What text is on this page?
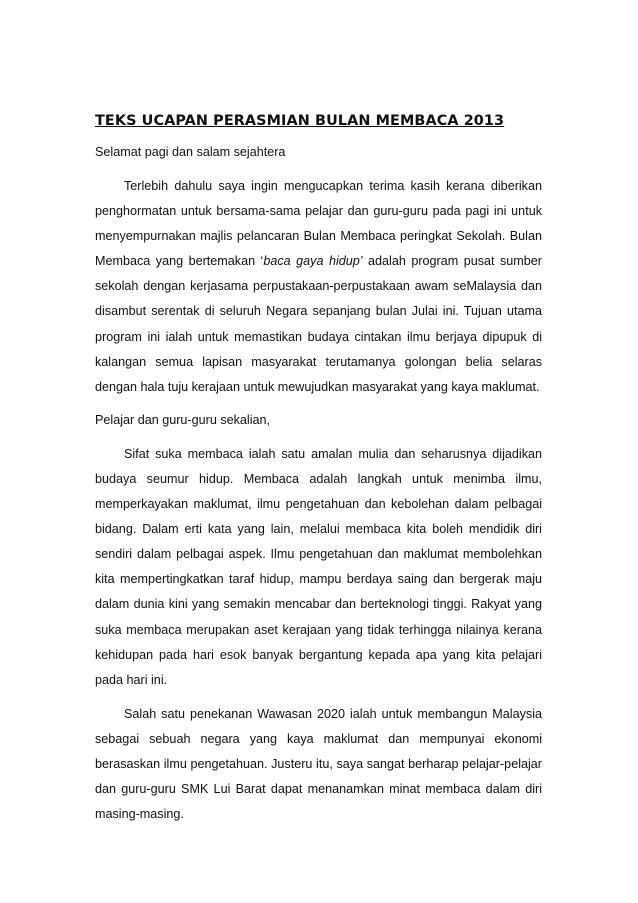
TEKS UCAPAN PERASMIAN BULAN MEMBACA 2013
Selamat pagi dan salam sejahtera

Terlebih dahulu saya ingin mengucapkan terima kasih kerana diberikan penghormatan untuk bersama-sama pelajar dan guru-guru pada pagi ini untuk menyempurnakan majlis pelancaran Bulan Membaca peringkat Sekolah. Bulan Membaca yang bertemakan ‘baca gaya hidup’ adalah program pusat sumber sekolah dengan kerjasama perpustakaan-perpustakaan awam seMalaysia dan disambut serentak di seluruh Negara sepanjang bulan Julai ini. Tujuan utama program ini ialah untuk memastikan budaya cintakan ilmu berjaya dipupuk di kalangan semua lapisan masyarakat terutamanya golongan belia selaras dengan hala tuju kerajaan untuk mewujudkan masyarakat yang kaya maklumat.

Pelajar dan guru-guru sekalian,

Sifat suka membaca ialah satu amalan mulia dan seharusnya dijadikan budaya seumur hidup. Membaca adalah langkah untuk menimba ilmu, memperkayakan maklumat, ilmu pengetahuan dan kebolehan dalam pelbagai bidang. Dalam erti kata yang lain, melalui membaca kita boleh mendidik diri sendiri dalam pelbagai aspek. Ilmu pengetahuan dan maklumat membolehkan kita mempertingkatkan taraf hidup, mampu berdaya saing dan bergerak maju dalam dunia kini yang semakin mencabar dan berteknologi tinggi. Rakyat yang suka membaca merupakan aset kerajaan yang tidak terhingga nilainya kerana kehidupan pada hari esok banyak bergantung kepada apa yang kita pelajari pada hari ini.

Salah satu penekanan Wawasan 2020 ialah untuk membangun Malaysia sebagai sebuah negara yang kaya maklumat dan mempunyai ekonomi berasaskan ilmu pengetahuan. Justeru itu, saya sangat berharap pelajar-pelajar dan guru-guru SMK Lui Barat dapat menanamkan minat membaca dalam diri masing-masing.
